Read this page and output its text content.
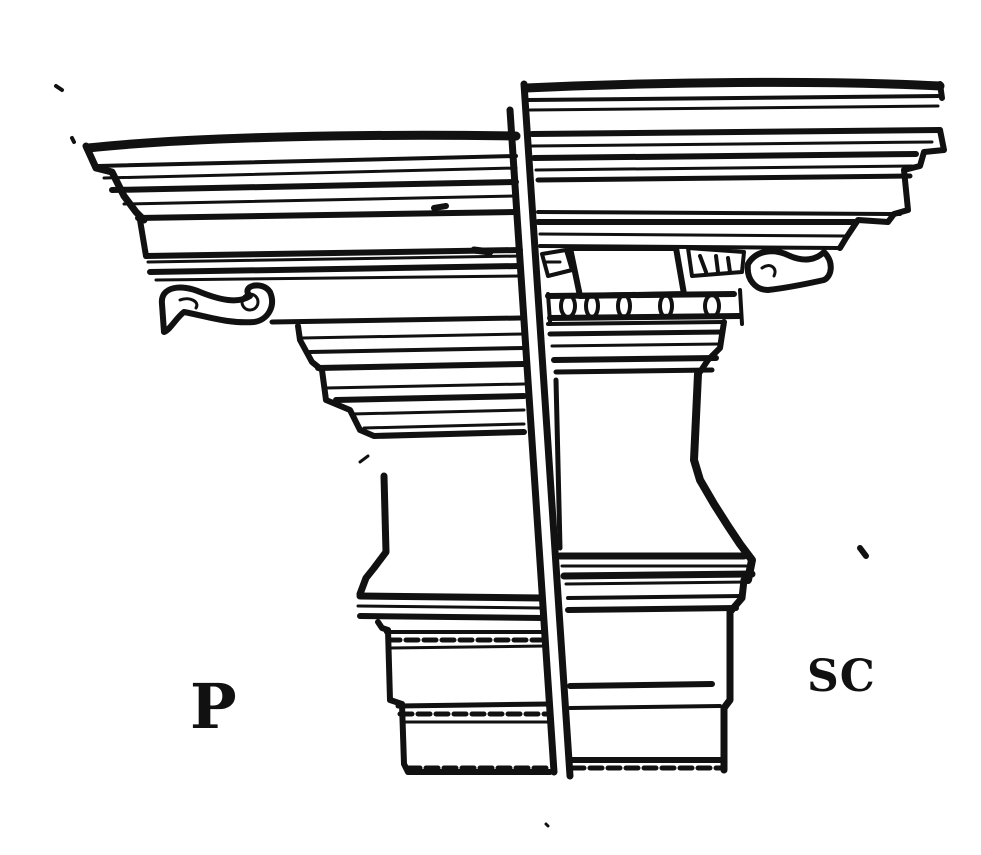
P	SC
